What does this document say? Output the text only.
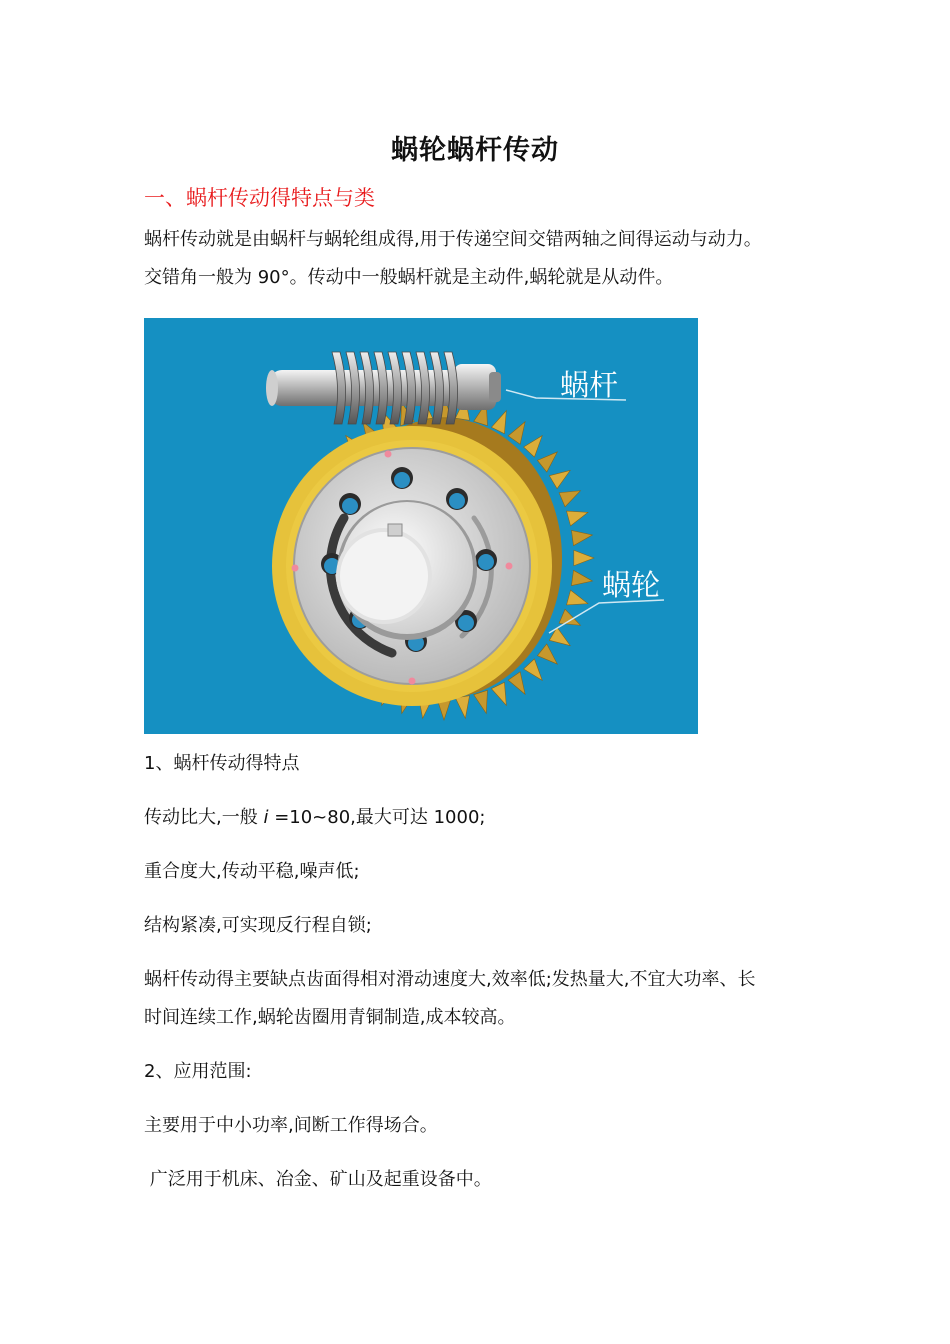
蜗轮蜗杆传动
一、蜗杆传动得特点与类
蜗杆传动就是由蜗杆与蜗轮组成得,用于传递空间交错两轴之间得运动与动力。
交错角一般为 90°。传动中一般蜗杆就是主动件,蜗轮就是从动件。
蜗杆
蜗轮
1、蜗杆传动得特点
传动比大,一般 i =10~80,最大可达 1000;
重合度大,传动平稳,噪声低;
结构紧凑,可实现反行程自锁;
蜗杆传动得主要缺点齿面得相对滑动速度大,效率低;发热量大,不宜大功率、长
时间连续工作,蜗轮齿圈用青铜制造,成本较高。
2、应用范围:
主要用于中小功率,间断工作得场合。
广泛用于机床、冶金、矿山及起重设备中。
